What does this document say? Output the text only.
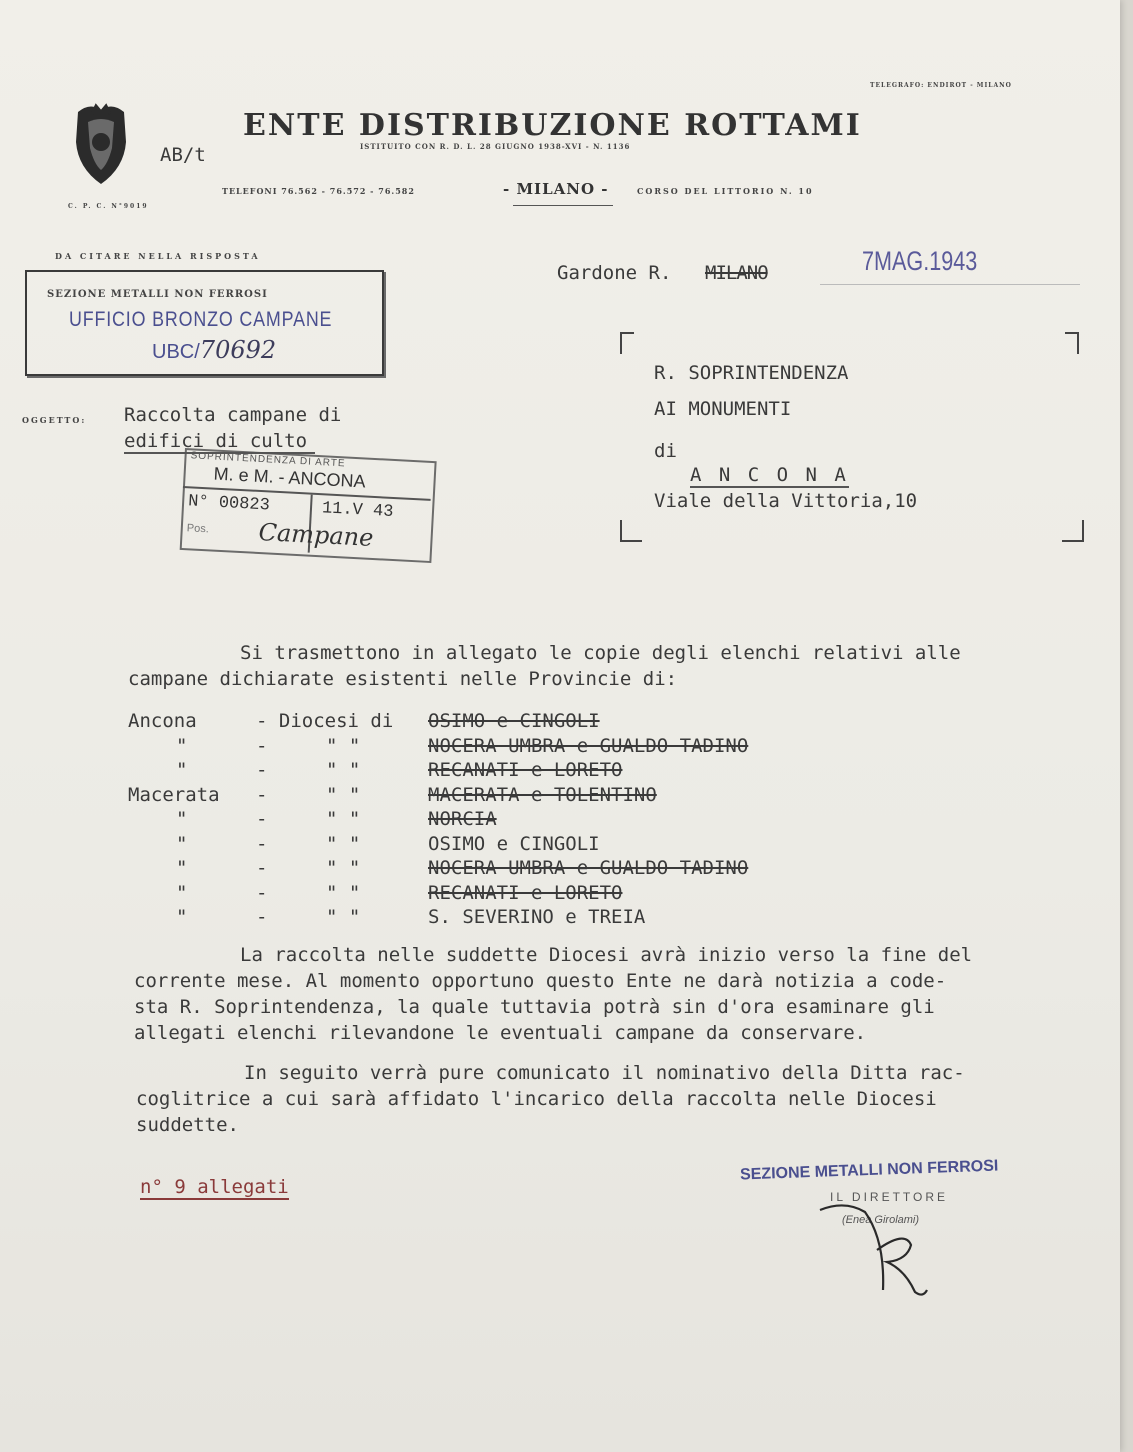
C. P. C. N°9019
AB/t
ENTE DISTRIBUZIONE ROTTAMI
ISTITUITO CON R. D. L. 28 GIUGNO 1938-XVI - N. 1136
TELEGRAFO: ENDIROT - MILANO
TELEFONI 76.562 - 76.572 - 76.582	- MILANO -	CORSO DEL LITTORIO N. 10
DA CITARE NELLA RISPOSTA
SEZIONE METALLI NON FERROSI
UFFICIO BRONZO CAMPANE
UBC/70692
Gardone R. MILANO	7MAG.1943
R. SOPRINTENDENZA
AI MONUMENTI
di
A N C O N A
Viale della Vittoria,10
OGGETTO: Raccolta campane di
edifici di culto
SOPRINTENDENZA DI ARTE
M. e M. - ANCONA
N° 00823	11.V 43
Pos. Campane
Si trasmettono in allegato le copie degli elenchi relativi alle
campane dichiarate esistenti nelle Provincie di:
Ancona	- Diocesi di OSIMO e CINGOLI
"	-	" "	NOCERA UMBRA e GUALDO TADINO
"	-	" "	RECANATI e LORETO
Macerata -	" "	MACERATA e TOLENTINO
"	-	" "	NORCIA
"	-	" "	OSIMO e CINGOLI
"	-	" "	NOCERA UMBRA e GUALDO TADINO
"	-	" "	RECANATI e LORETO
"	-	" "	S. SEVERINO e TREIA
La raccolta nelle suddette Diocesi avrà inizio verso la fine del
corrente mese. Al momento opportuno questo Ente ne darà notizia a code-
sta R. Soprintendenza, la quale tuttavia potrà sin d'ora esaminare gli
allegati elenchi rilevandone le eventuali campane da conservare.
In seguito verrà pure comunicato il nominativo della Ditta rac-
coglitrice a cui sarà affidato l'incarico della raccolta nelle Diocesi
suddette.
n° 9 allegati
SEZIONE METALLI NON FERROSI
IL DIRETTORE
(Enea Girolami)
